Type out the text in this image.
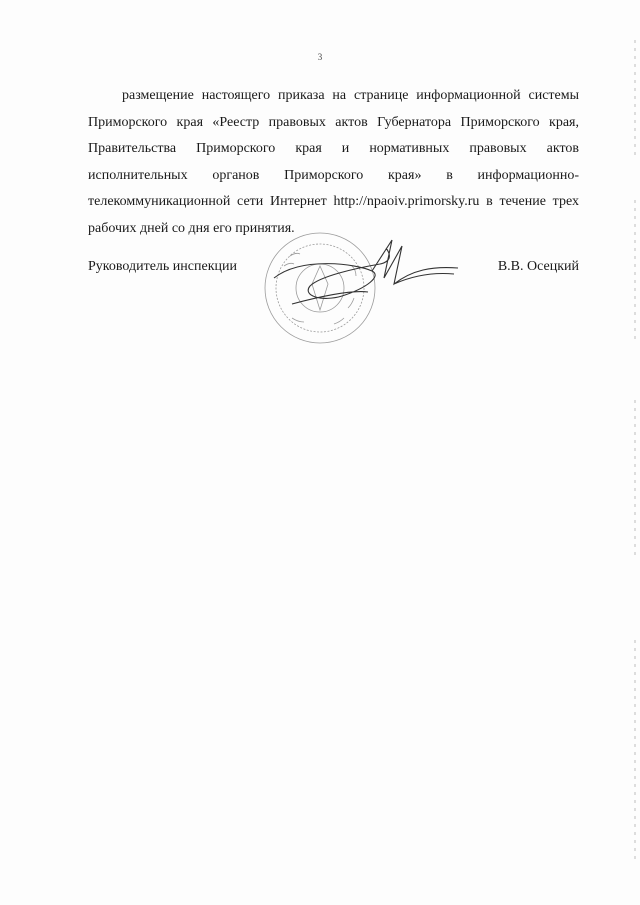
3
размещение настоящего приказа на странице информационной системы Приморского края «Реестр правовых актов Губернатора Приморского края, Правительства Приморского края и нормативных правовых актов исполнительных органов Приморского края» в информационно-телекоммуникационной сети Интернет http://npaoiv.primorsky.ru в течение трех рабочих дней со дня его принятия.
Руководитель инспекции	В.В. Осецкий
